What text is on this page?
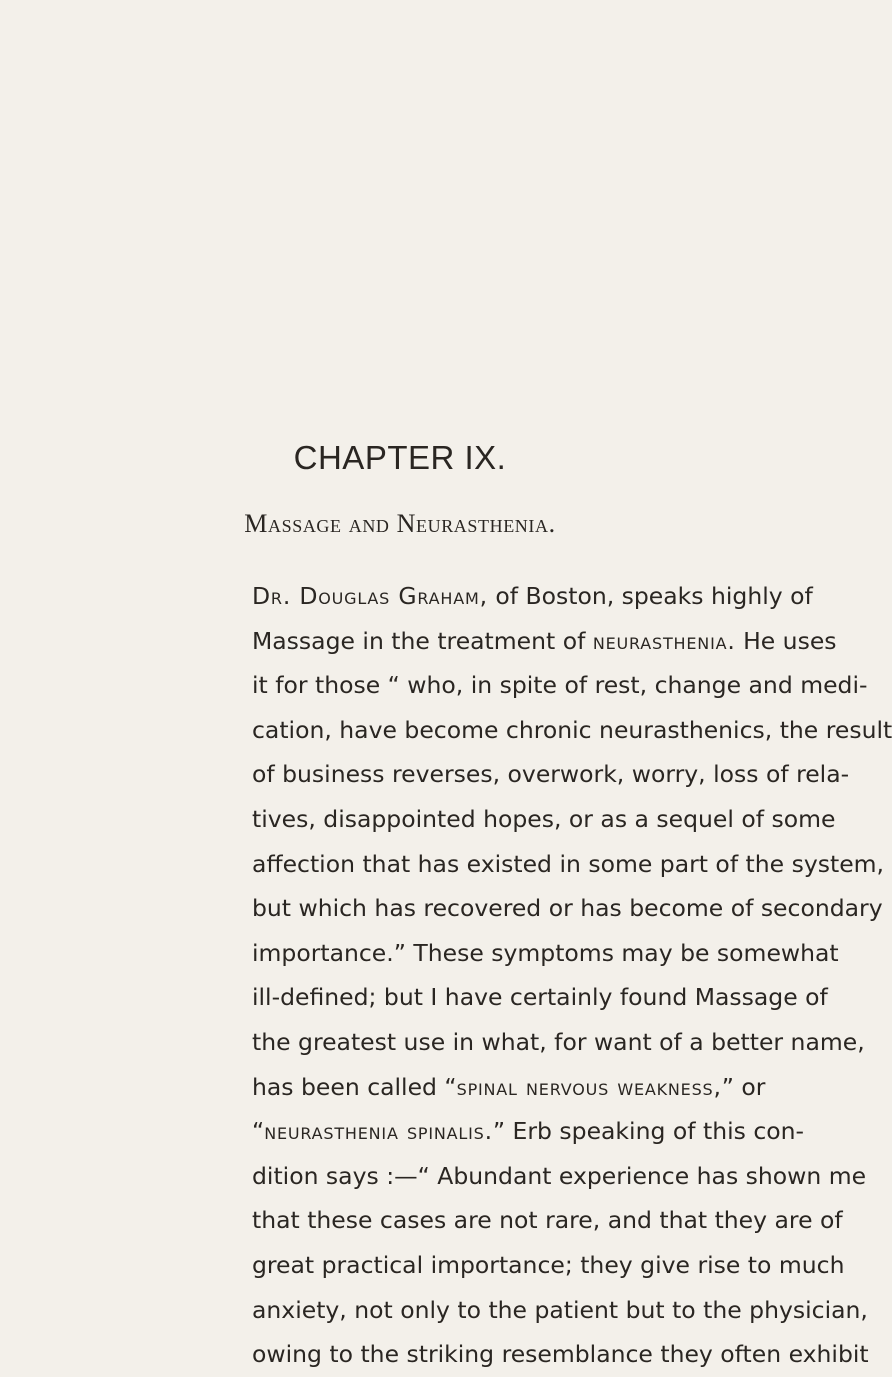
CHAPTER IX.
Massage and Neurasthenia.
Dr. Douglas Graham, of Boston, speaks highly of
Massage in the treatment of neurasthenia. He uses
it for those “ who, in spite of rest, change and medi-
cation, have become chronic neurasthenics, the result
of business reverses, overwork, worry, loss of rela-
tives, disappointed hopes, or as a sequel of some
affection that has existed in some part of the system,
but which has recovered or has become of secondary
importance.” These symptoms may be somewhat
ill-defined; but I have certainly found Massage of
the greatest use in what, for want of a better name,
has been called “spinal nervous weakness,” or
“neurasthenia spinalis.” Erb speaking of this con-
dition says :—“ Abundant experience has shown me
that these cases are not rare, and that they are of
great practical importance; they give rise to much
anxiety, not only to the patient but to the physician,
owing to the striking resemblance they often exhibit
